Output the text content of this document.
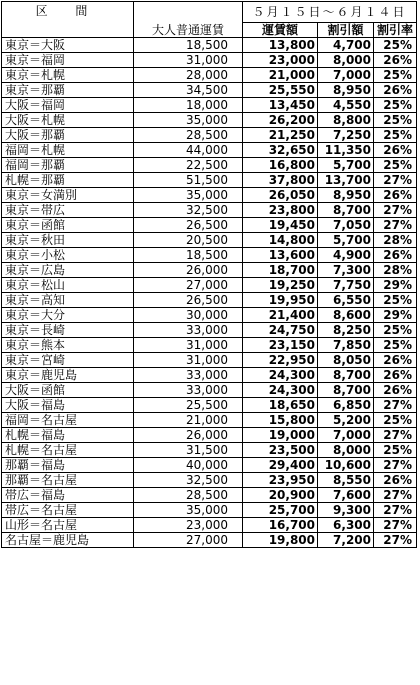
区 間	大人普通運賃	５月１５日～６月１４日		
		運賃額	割引額	割引率
東京＝大阪	18,500	13,800	4,700	25%
東京＝福岡	31,000	23,000	8,000	26%
東京＝札幌	28,000	21,000	7,000	25%
東京＝那覇	34,500	25,550	8,950	26%
大阪＝福岡	18,000	13,450	4,550	25%
大阪＝札幌	35,000	26,200	8,800	25%
大阪＝那覇	28,500	21,250	7,250	25%
福岡＝札幌	44,000	32,650	11,350	26%
福岡＝那覇	22,500	16,800	5,700	25%
札幌＝那覇	51,500	37,800	13,700	27%
東京＝女満別	35,000	26,050	8,950	26%
東京＝帯広	32,500	23,800	8,700	27%
東京＝函館	26,500	19,450	7,050	27%
東京＝秋田	20,500	14,800	5,700	28%
東京＝小松	18,500	13,600	4,900	26%
東京＝広島	26,000	18,700	7,300	28%
東京＝松山	27,000	19,250	7,750	29%
東京＝高知	26,500	19,950	6,550	25%
東京＝大分	30,000	21,400	8,600	29%
東京＝長崎	33,000	24,750	8,250	25%
東京＝熊本	31,000	23,150	7,850	25%
東京＝宮崎	31,000	22,950	8,050	26%
東京＝鹿児島	33,000	24,300	8,700	26%
大阪＝函館	33,000	24,300	8,700	26%
大阪＝福島	25,500	18,650	6,850	27%
福岡＝名古屋	21,000	15,800	5,200	25%
札幌＝福島	26,000	19,000	7,000	27%
札幌＝名古屋	31,500	23,500	8,000	25%
那覇＝福島	40,000	29,400	10,600	27%
那覇＝名古屋	32,500	23,950	8,550	26%
帯広＝福島	28,500	20,900	7,600	27%
帯広＝名古屋	35,000	25,700	9,300	27%
山形＝名古屋	23,000	16,700	6,300	27%
名古屋＝鹿児島	27,000	19,800	7,200	27%
